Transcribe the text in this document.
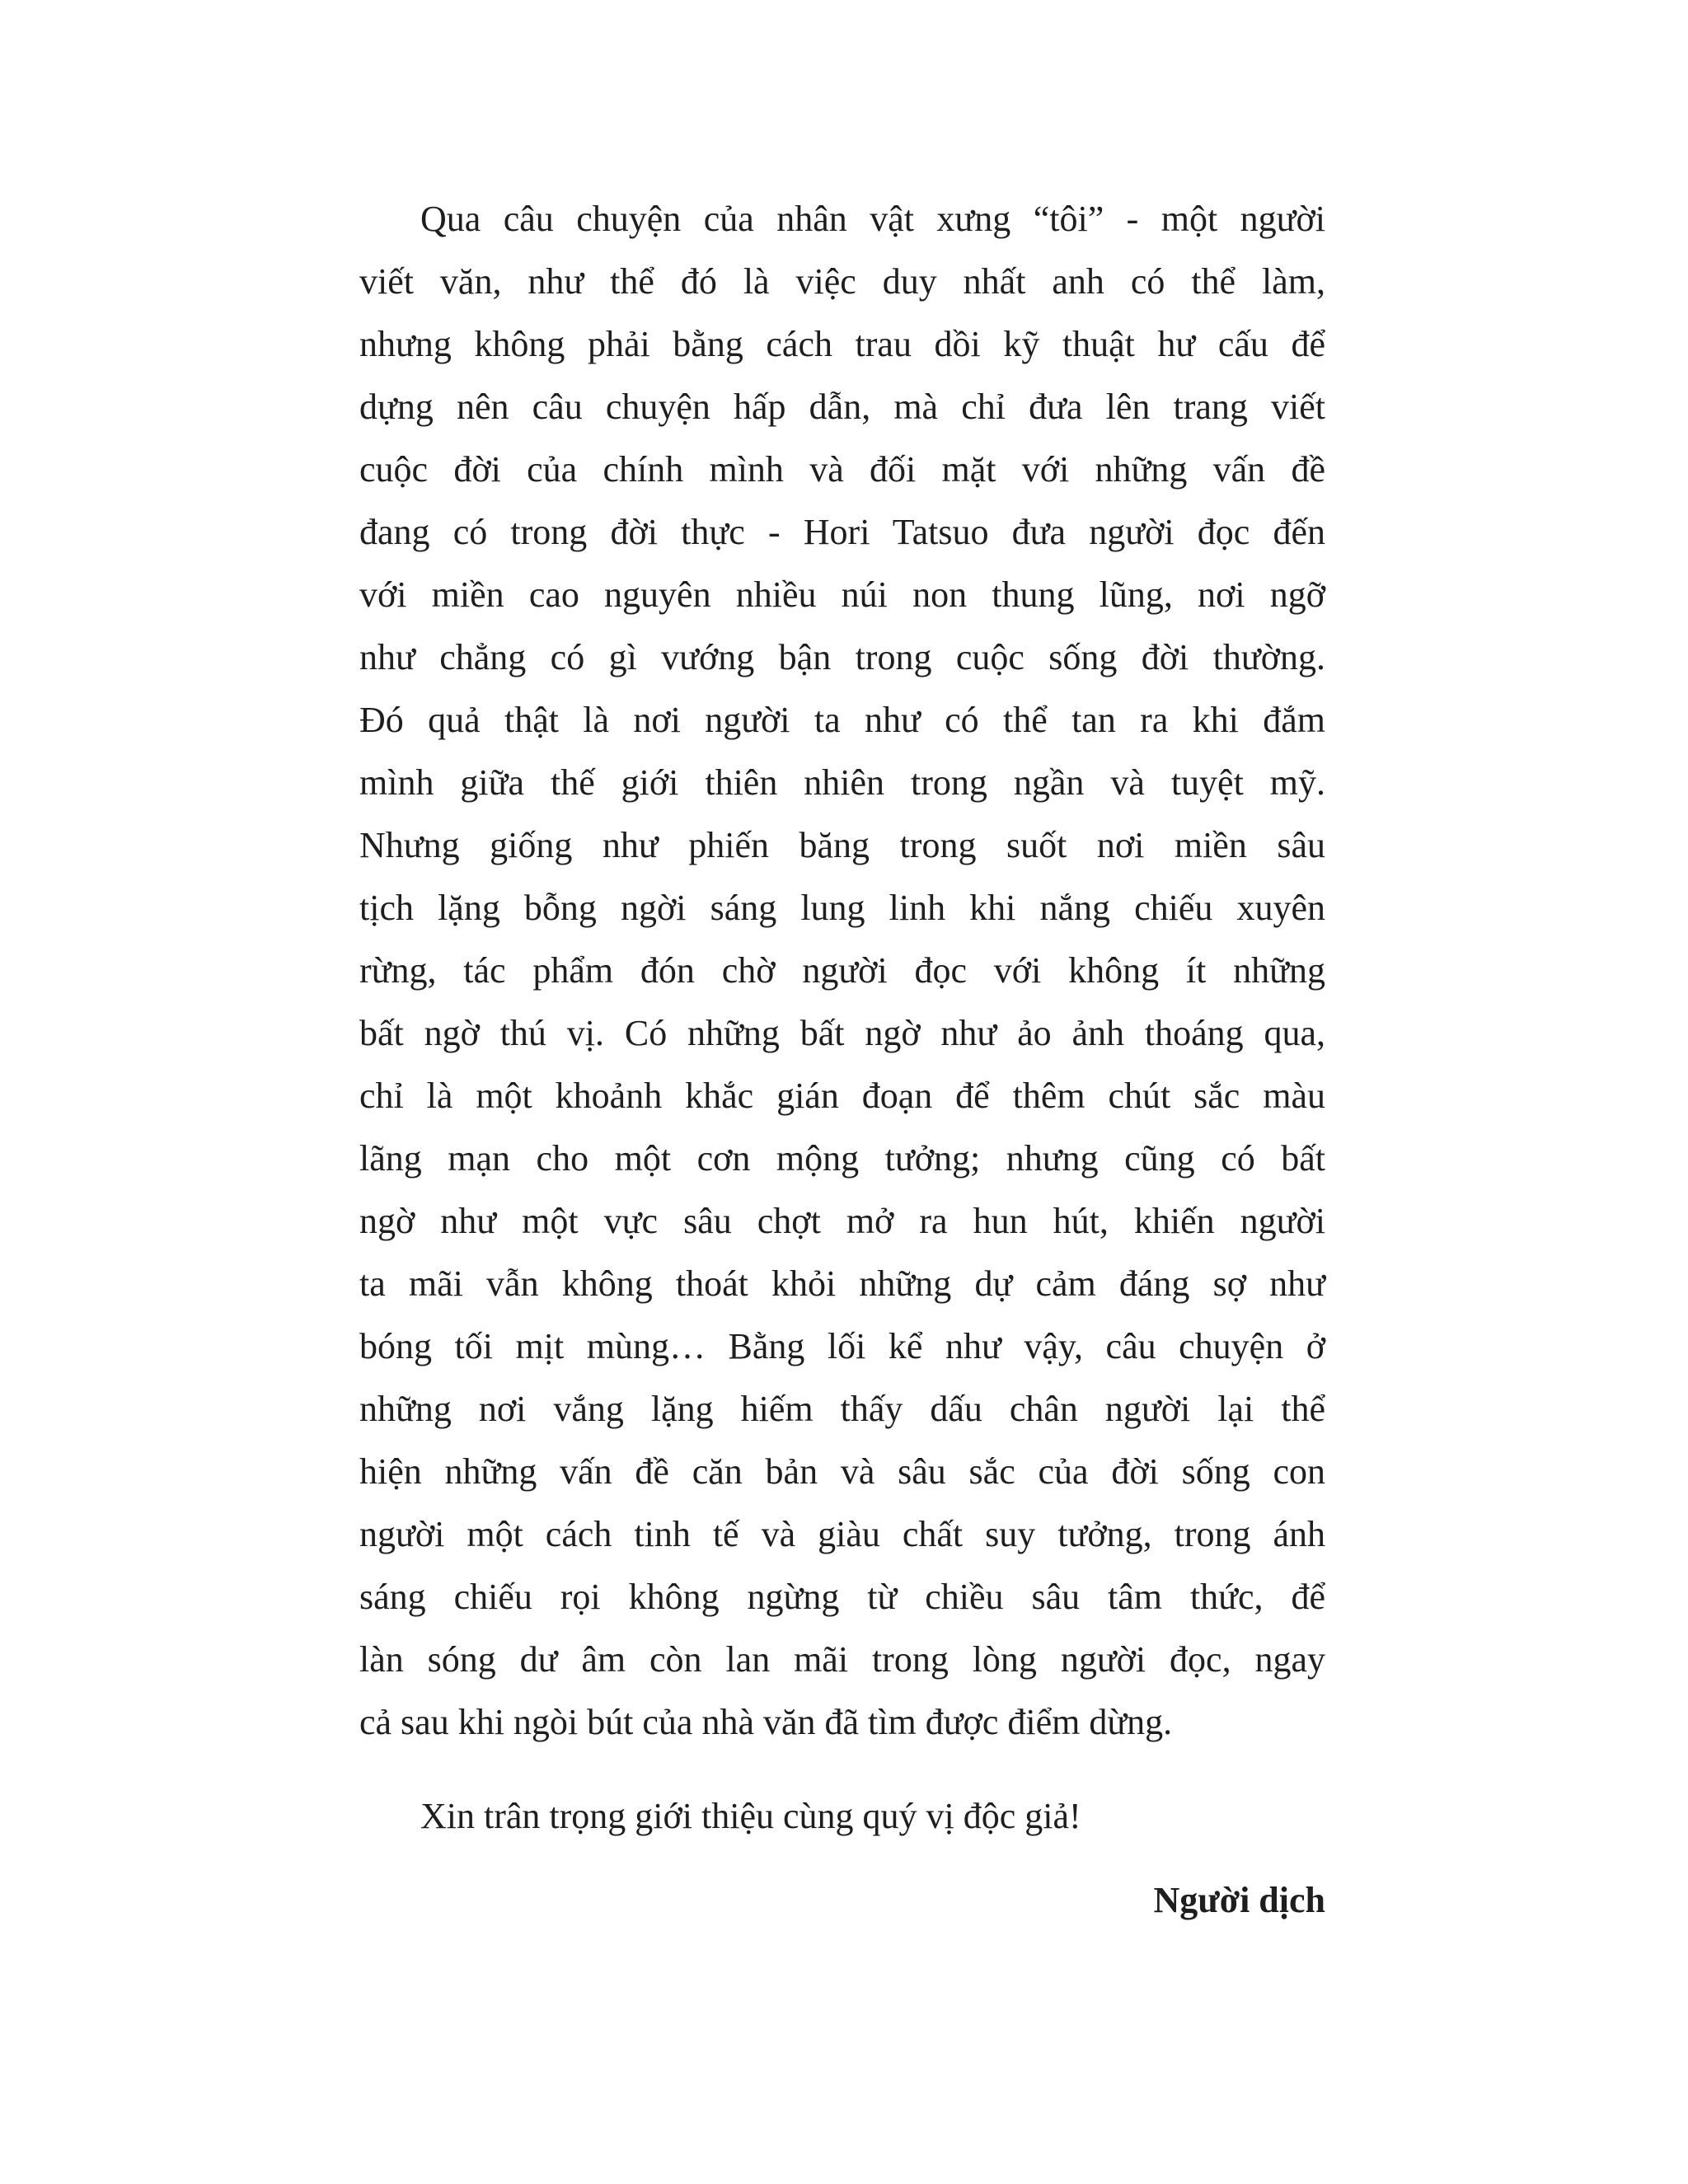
Qua câu chuyện của nhân vật xưng “tôi” - một người
viết văn, như thể đó là việc duy nhất anh có thể làm,
nhưng không phải bằng cách trau dồi kỹ thuật hư cấu để
dựng nên câu chuyện hấp dẫn, mà chỉ đưa lên trang viết
cuộc đời của chính mình và đối mặt với những vấn đề
đang có trong đời thực - Hori Tatsuo đưa người đọc đến
với miền cao nguyên nhiều núi non thung lũng, nơi ngỡ
như chẳng có gì vướng bận trong cuộc sống đời thường.
Đó quả thật là nơi người ta như có thể tan ra khi đắm
mình giữa thế giới thiên nhiên trong ngần và tuyệt mỹ.
Nhưng giống như phiến băng trong suốt nơi miền sâu
tịch lặng bỗng ngời sáng lung linh khi nắng chiếu xuyên
rừng, tác phẩm đón chờ người đọc với không ít những
bất ngờ thú vị. Có những bất ngờ như ảo ảnh thoáng qua,
chỉ là một khoảnh khắc gián đoạn để thêm chút sắc màu
lãng mạn cho một cơn mộng tưởng; nhưng cũng có bất
ngờ như một vực sâu chợt mở ra hun hút, khiến người
ta mãi vẫn không thoát khỏi những dự cảm đáng sợ như
bóng tối mịt mùng… Bằng lối kể như vậy, câu chuyện ở
những nơi vắng lặng hiếm thấy dấu chân người lại thể
hiện những vấn đề căn bản và sâu sắc của đời sống con
người một cách tinh tế và giàu chất suy tưởng, trong ánh
sáng chiếu rọi không ngừng từ chiều sâu tâm thức, để
làn sóng dư âm còn lan mãi trong lòng người đọc, ngay
cả sau khi ngòi bút của nhà văn đã tìm được điểm dừng.
Xin trân trọng giới thiệu cùng quý vị độc giả!
Người dịch
